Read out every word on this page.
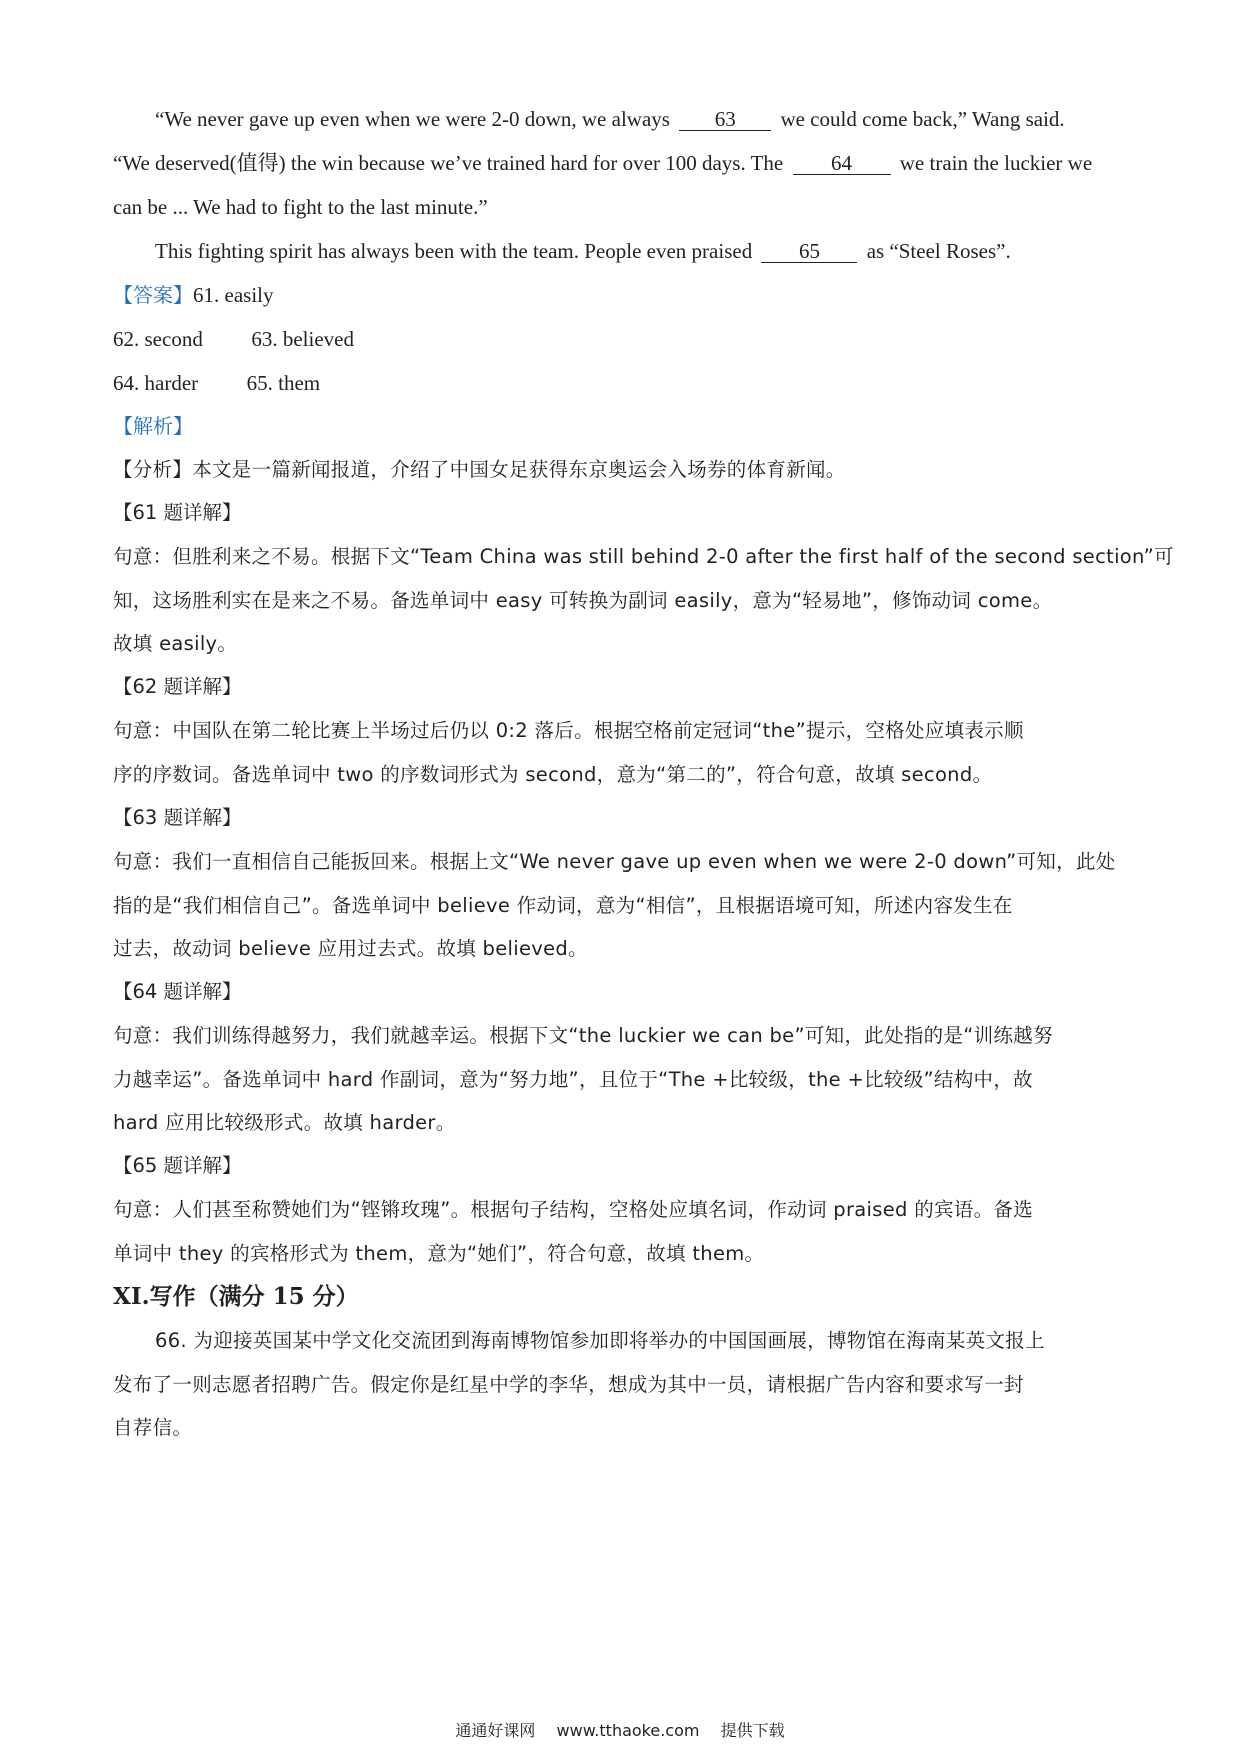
“We never gave up even when we were 2-0 down, we always 63 we could come back,” Wang said.
“We deserved(值得) the win because we’ve trained hard for over 100 days. The 64 we train the luckier we
can be ... We had to fight to the last minute.”
This fighting spirit has always been with the team. People even praised 65 as “Steel Roses”.
【答案】61. easily
62. second 63. believed
64. harder 65. them
【解析】
【分析】本文是一篇新闻报道，介绍了中国女足获得东京奥运会入场券的体育新闻。
【61 题详解】
句意：但胜利来之不易。根据下文“Team China was still behind 2-0 after the first half of the second section”可
知，这场胜利实在是来之不易。备选单词中 easy 可转换为副词 easily，意为“轻易地”，修饰动词 come。
故填 easily。
【62 题详解】
句意：中国队在第二轮比赛上半场过后仍以 0:2 落后。根据空格前定冠词“the”提示，空格处应填表示顺
序的序数词。备选单词中 two 的序数词形式为 second，意为“第二的”，符合句意，故填 second。
【63 题详解】
句意：我们一直相信自己能扳回来。根据上文“We never gave up even when we were 2-0 down”可知，此处
指的是“我们相信自己”。备选单词中 believe 作动词，意为“相信”，且根据语境可知，所述内容发生在
过去，故动词 believe 应用过去式。故填 believed。
【64 题详解】
句意：我们训练得越努力，我们就越幸运。根据下文“the luckier we can be”可知，此处指的是“训练越努
力越幸运”。备选单词中 hard 作副词，意为“努力地”，且位于“The +比较级，the +比较级”结构中，故
hard 应用比较级形式。故填 harder。
【65 题详解】
句意：人们甚至称赞她们为“铿锵玫瑰”。根据句子结构，空格处应填名词，作动词 praised 的宾语。备选
单词中 they 的宾格形式为 them，意为“她们”，符合句意，故填 them。
XI.写作（满分 15 分）
66. 为迎接英国某中学文化交流团到海南博物馆参加即将举办的中国国画展，博物馆在海南某英文报上
发布了一则志愿者招聘广告。假定你是红星中学的李华，想成为其中一员，请根据广告内容和要求写一封
自荐信。
通通好课网 www.tthaoke.com 提供下载
